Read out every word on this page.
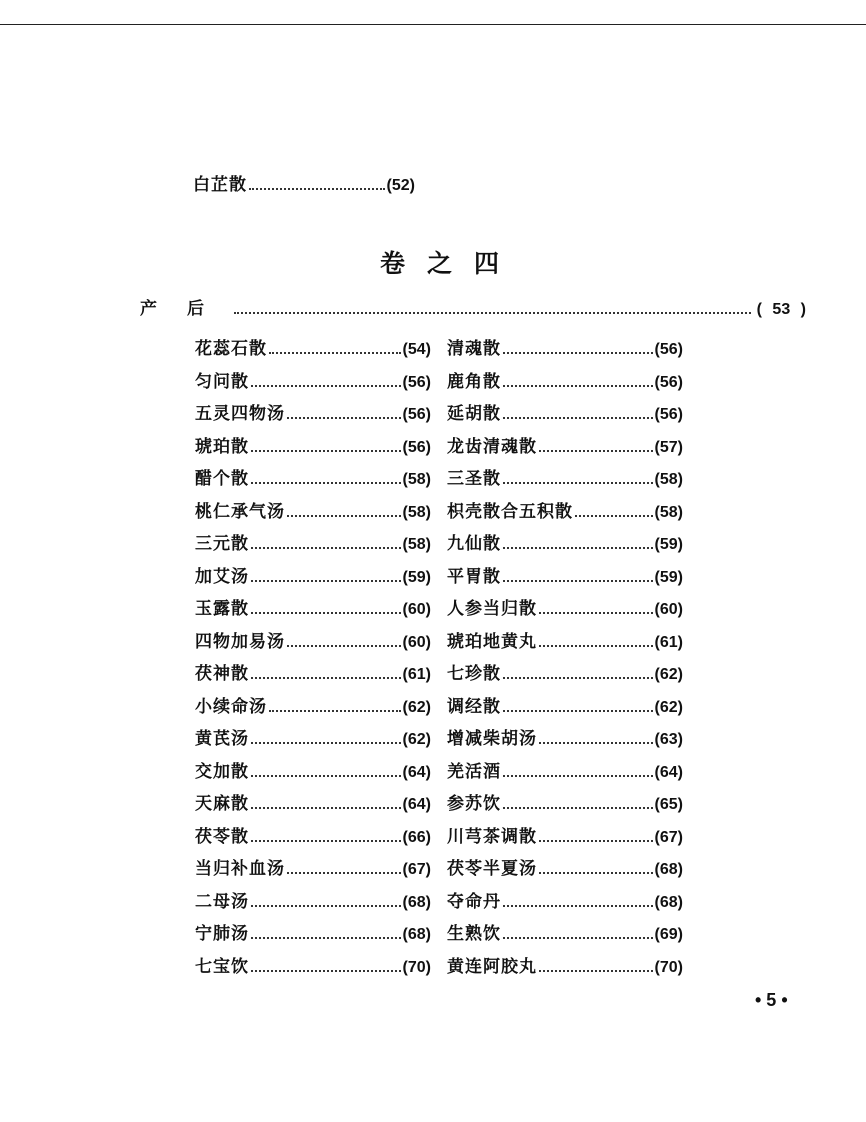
白芷散	(52)
卷之四
产后	( 53 )
花蕊石散	(54)
匀问散	(56)
五灵四物汤	(56)
琥珀散	(56)
醋个散	(58)
桃仁承气汤	(58)
三元散	(58)
加艾汤	(59)
玉露散	(60)
四物加易汤	(60)
茯神散	(61)
小续命汤	(62)
黄芪汤	(62)
交加散	(64)
天麻散	(64)
茯苓散	(66)
当归补血汤	(67)
二母汤	(68)
宁肺汤	(68)
七宝饮	(70)
清魂散	(56)
鹿角散	(56)
延胡散	(56)
龙齿清魂散	(57)
三圣散	(58)
枳壳散合五积散	(58)
九仙散	(59)
平胃散	(59)
人参当归散	(60)
琥珀地黄丸	(61)
七珍散	(62)
调经散	(62)
增减柴胡汤	(63)
羌活酒	(64)
参苏饮	(65)
川芎茶调散	(67)
茯苓半夏汤	(68)
夺命丹	(68)
生熟饮	(69)
黄连阿胶丸	(70)
• 5 •
